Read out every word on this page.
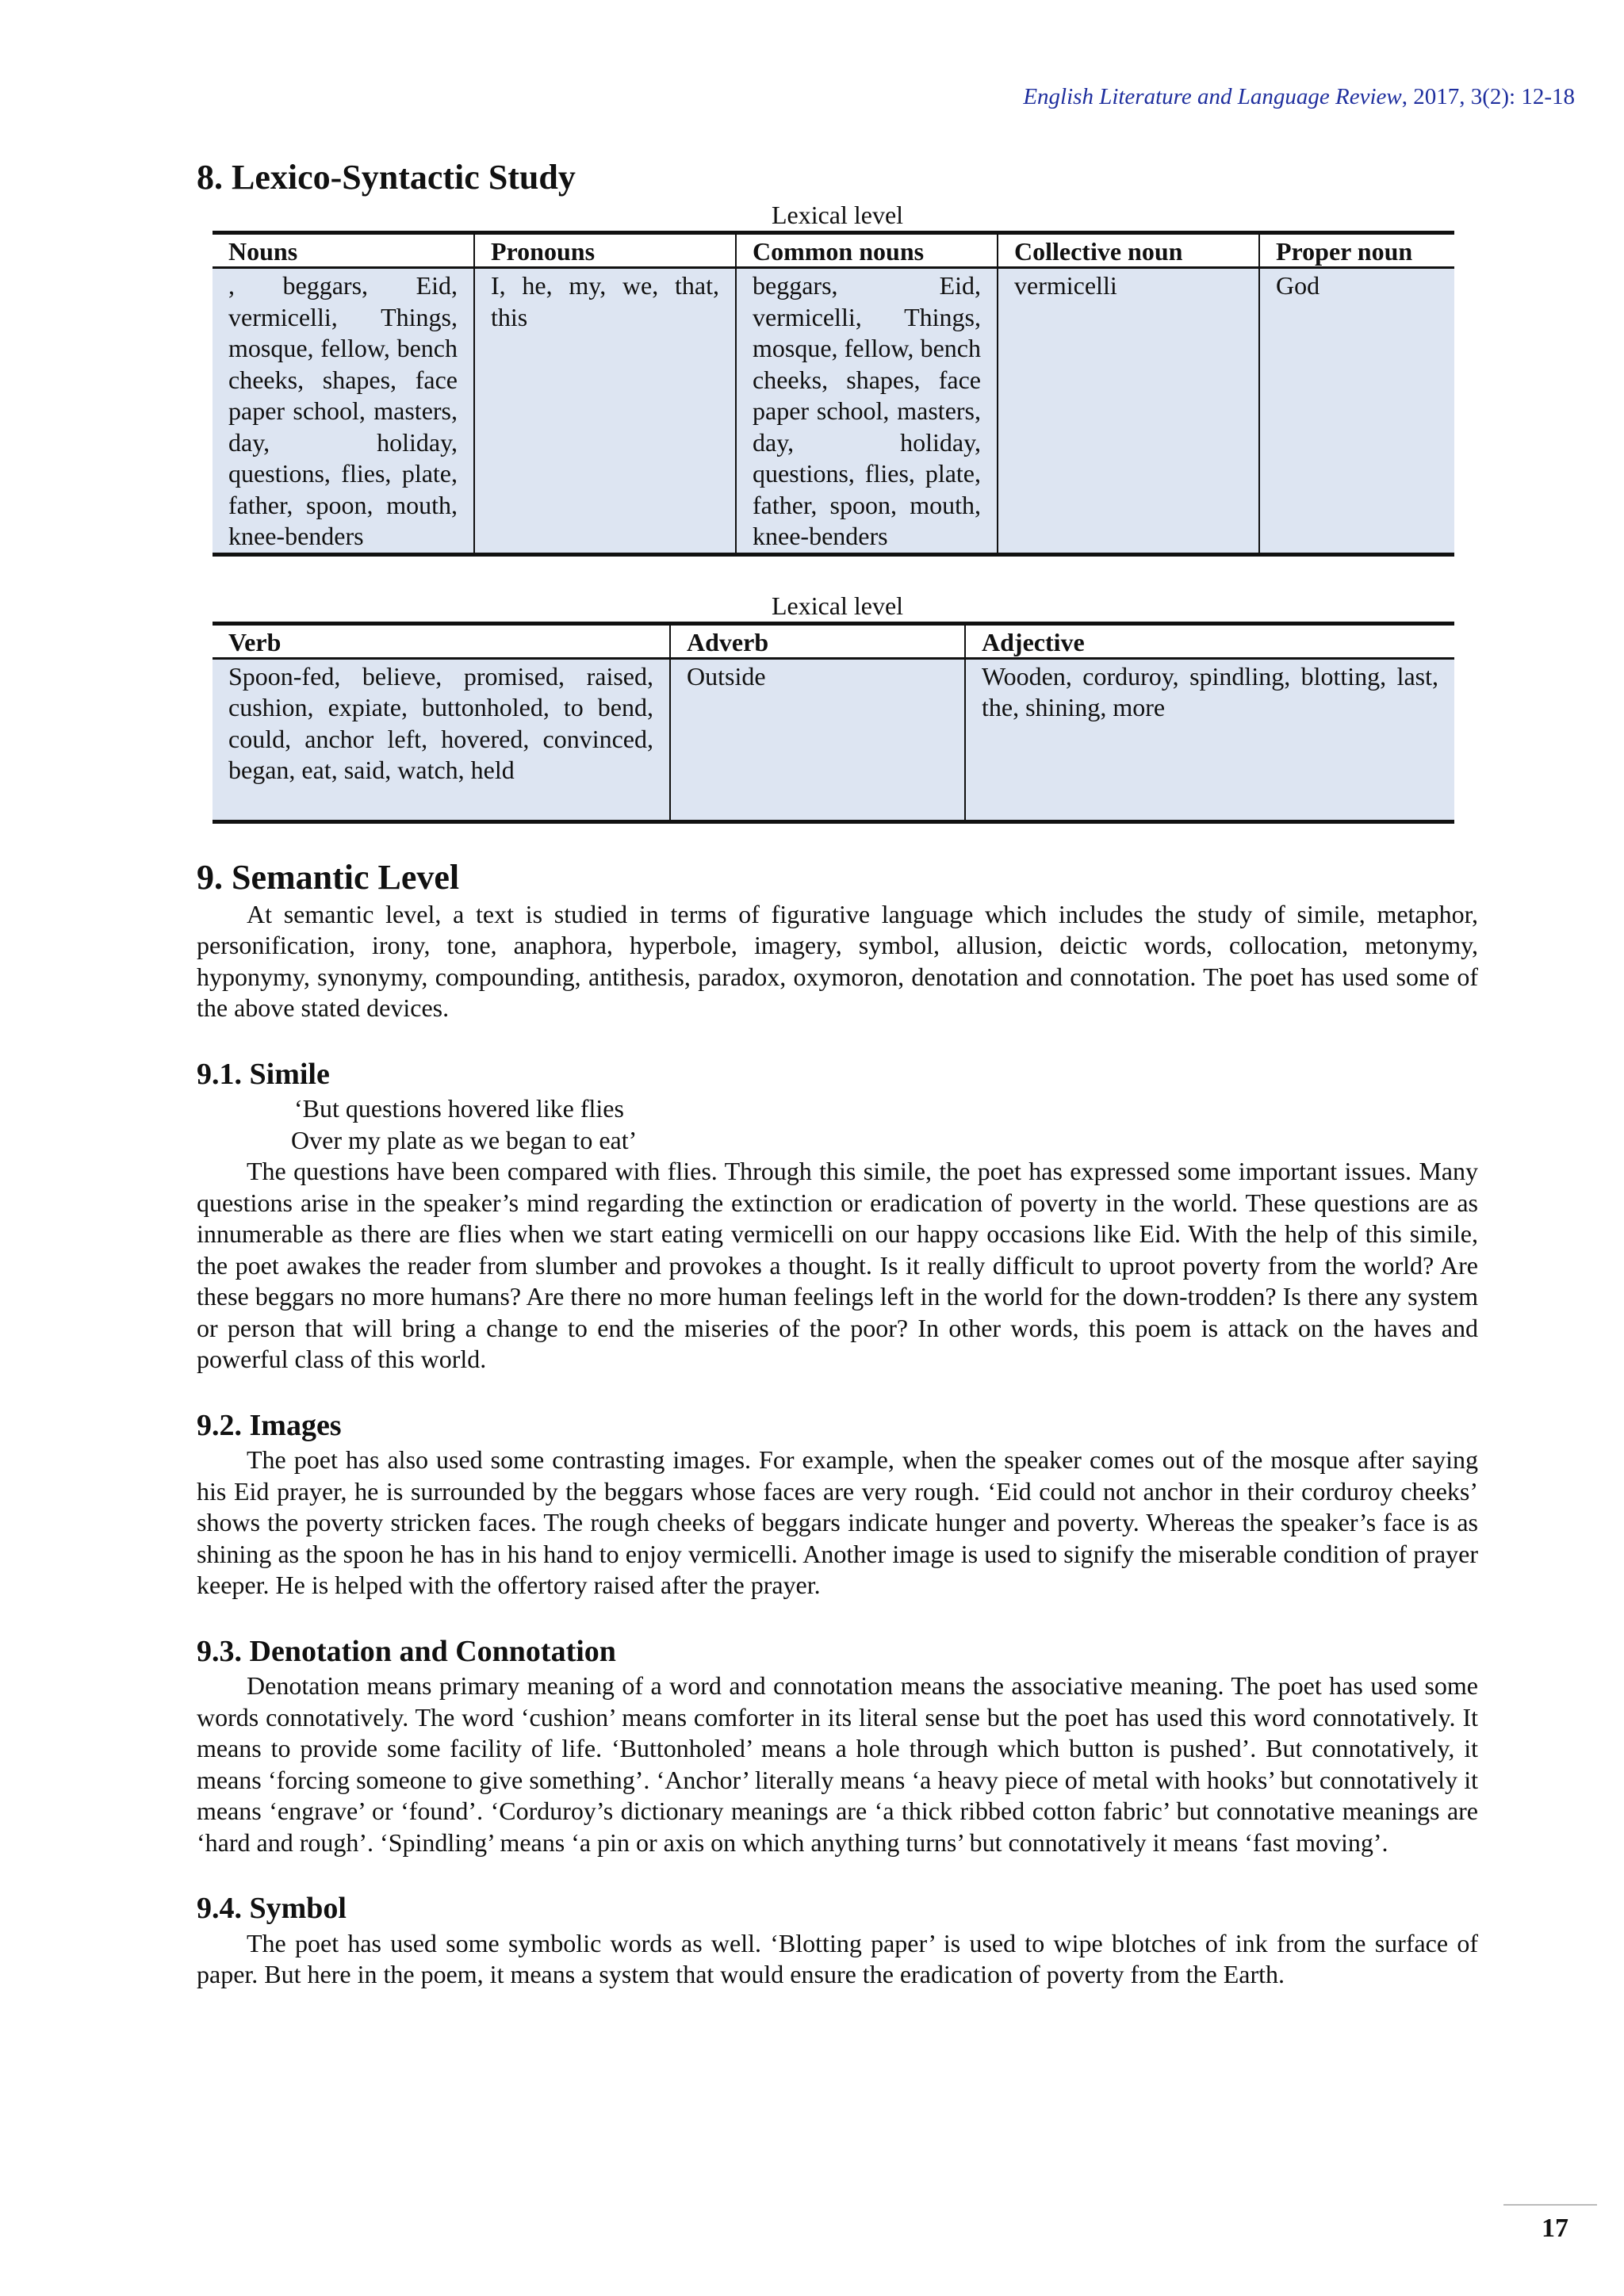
English Literature and Language Review, 2017, 3(2): 12-18
8. Lexico-Syntactic Study
Lexical level
Nouns	Pronouns	Common nouns	Collective noun	Proper noun
, beggars, Eid, vermicelli, Things, mosque, fellow, bench cheeks, shapes, face paper school, masters, day, holiday, questions, flies, plate, father, spoon, mouth, knee-benders	I, he, my, we, that, this	beggars, Eid, vermicelli, Things, mosque, fellow, bench cheeks, shapes, face paper school, masters, day, holiday, questions, flies, plate, father, spoon, mouth, knee-benders	vermicelli	God
Lexical level
Verb	Adverb	Adjective
Spoon-fed, believe, promised, raised, cushion, expiate, buttonholed, to bend, could, anchor left, hovered, convinced, began, eat, said, watch, held	Outside	Wooden, corduroy, spindling, blotting, last, the, shining, more
9. Semantic Level

At semantic level, a text is studied in terms of figurative language which includes the study of simile, metaphor, personification, irony, tone, anaphora, hyperbole, imagery, symbol, allusion, deictic words, collocation, metonymy, hyponymy, synonymy, compounding, antithesis, paradox, oxymoron, denotation and connotation. The poet has used some of the above stated devices.

9.1. Simile
‘But questions hovered like flies
Over my plate as we began to eat’

The questions have been compared with flies. Through this simile, the poet has expressed some important issues. Many questions arise in the speaker’s mind regarding the extinction or eradication of poverty in the world. These questions are as innumerable as there are flies when we start eating vermicelli on our happy occasions like Eid. With the help of this simile, the poet awakes the reader from slumber and provokes a thought. Is it really difficult to uproot poverty from the world? Are these beggars no more humans? Are there no more human feelings left in the world for the down-trodden? Is there any system or person that will bring a change to end the miseries of the poor? In other words, this poem is attack on the haves and powerful class of this world.

9.2. Images

The poet has also used some contrasting images. For example, when the speaker comes out of the mosque after saying his Eid prayer, he is surrounded by the beggars whose faces are very rough. ‘Eid could not anchor in their corduroy cheeks’ shows the poverty stricken faces. The rough cheeks of beggars indicate hunger and poverty. Whereas the speaker’s face is as shining as the spoon he has in his hand to enjoy vermicelli. Another image is used to signify the miserable condition of prayer keeper. He is helped with the offertory raised after the prayer.

9.3. Denotation and Connotation

Denotation means primary meaning of a word and connotation means the associative meaning. The poet has used some words connotatively. The word ‘cushion’ means comforter in its literal sense but the poet has used this word connotatively. It means to provide some facility of life. ‘Buttonholed’ means a hole through which button is pushed’. But connotatively, it means ‘forcing someone to give something’. ‘Anchor’ literally means ‘a heavy piece of metal with hooks’ but connotatively it means ‘engrave’ or ‘found’. ‘Corduroy’s dictionary meanings are ‘a thick ribbed cotton fabric’ but connotative meanings are ‘hard and rough’. ‘Spindling’ means ‘a pin or axis on which anything turns’ but connotatively it means ‘fast moving’.

9.4. Symbol

The poet has used some symbolic words as well. ‘Blotting paper’ is used to wipe blotches of ink from the surface of paper. But here in the poem, it means a system that would ensure the eradication of poverty from the Earth.

17
